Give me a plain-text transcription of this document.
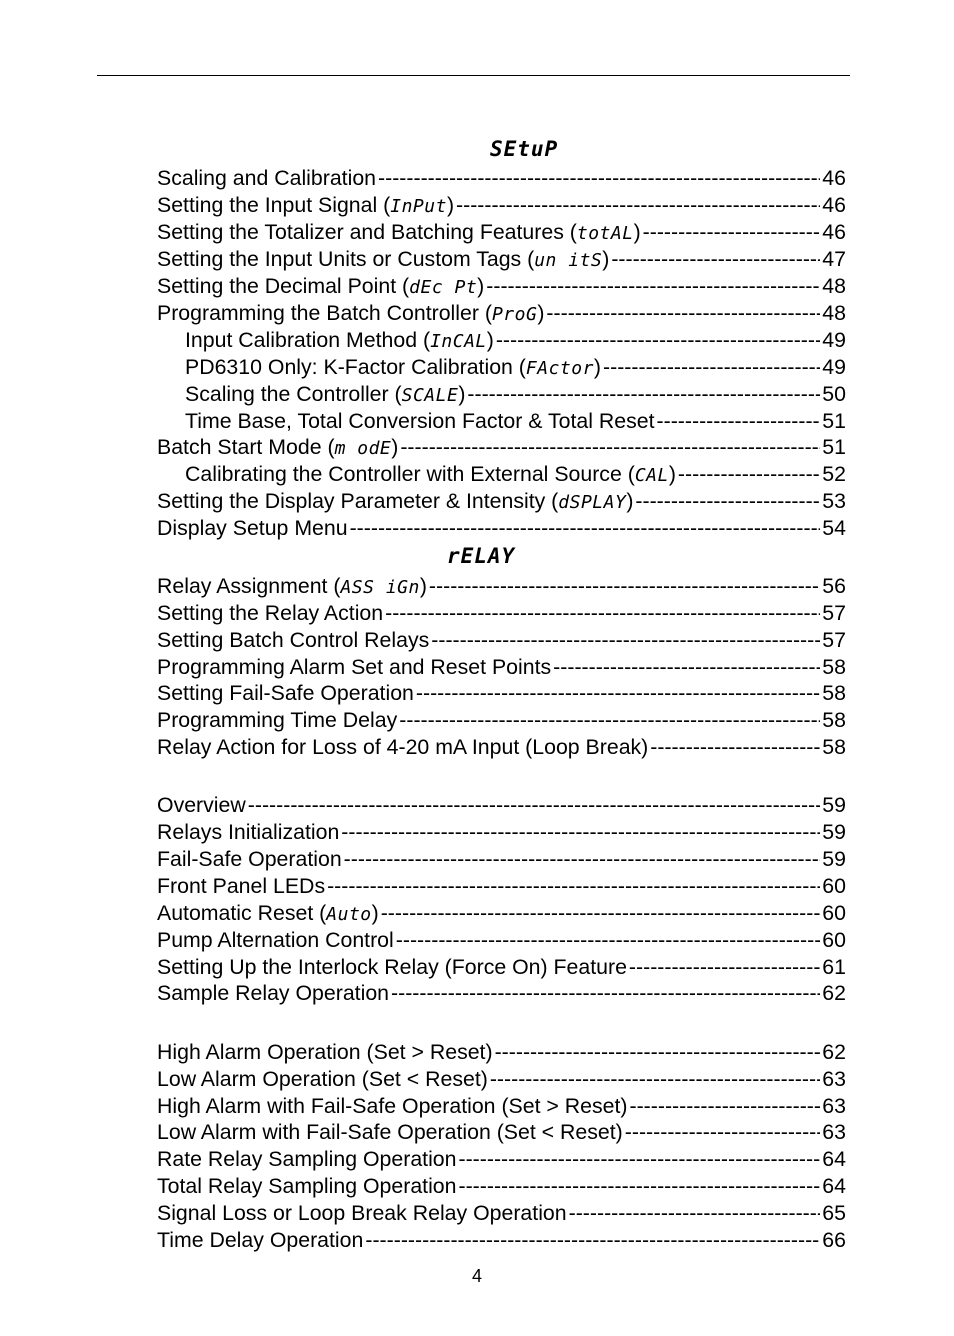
SEtuP
rELAY
Scaling and Calibration -----	46
Setting the Input Signal (InPut) -----	46
Setting the Totalizer and Batching Features (totAL) -----	46
Setting the Input Units or Custom Tags (un itS) -----	47
Setting the Decimal Point (dEc Pt) -----	48
Programming the Batch Controller (ProG) -----	48
Input Calibration Method (InCAL) -----	49
PD6310 Only: K-Factor Calibration (FActor) -----	49
Scaling the Controller (SCALE) -----	50
Time Base, Total Conversion Factor & Total Reset -----	51
Batch Start Mode (m odE) -----	51
Calibrating the Controller with External Source (CAL) -----	52
Setting the Display Parameter & Intensity (dSPLAY) -----	53
Display Setup Menu -----	54
Relay Assignment (ASS iGn) -----	56
Setting the Relay Action -----	57
Setting Batch Control Relays -----	57
Programming Alarm Set and Reset Points -----	58
Setting Fail-Safe Operation -----	58
Programming Time Delay -----	58
Relay Action for Loss of 4-20 mA Input (Loop Break) -----	58
Overview -----	59
Relays Initialization -----	59
Fail-Safe Operation -----	59
Front Panel LEDs -----	60
Automatic Reset (Auto) -----	60
Pump Alternation Control -----	60
Setting Up the Interlock Relay (Force On) Feature -----	61
Sample Relay Operation -----	62
High Alarm Operation (Set > Reset) -----	62
Low Alarm Operation (Set < Reset) -----	63
High Alarm with Fail-Safe Operation (Set > Reset) -----	63
Low Alarm with Fail-Safe Operation (Set < Reset) -----	63
Rate Relay Sampling Operation -----	64
Total Relay Sampling Operation -----	64
Signal Loss or Loop Break Relay Operation -----	65
Time Delay Operation -----	66
4
